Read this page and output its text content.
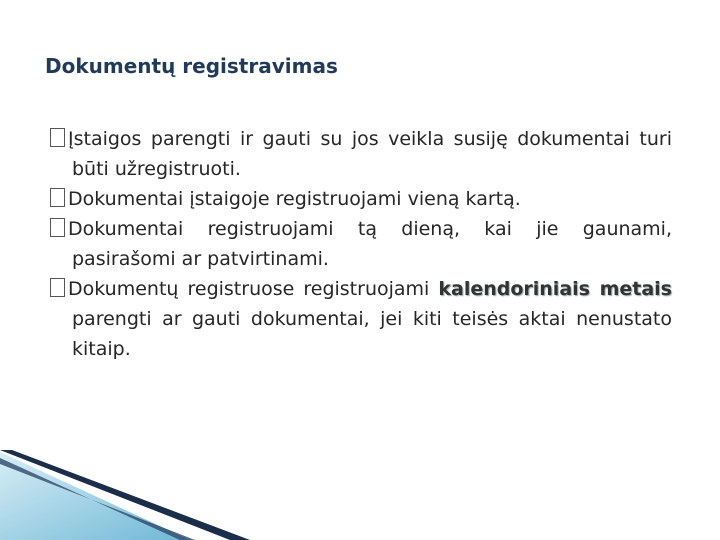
Dokumentų registravimas

Įstaigos parengti ir gauti su jos veikla susiję dokumentai turi būti užregistruoti.

Dokumentai įstaigoje registruojami vieną kartą.

Dokumentai registruojami tą dieną, kai jie gaunami, pasirašomi ar patvirtinami.

Dokumentų registruose registruojami kalendoriniais metais parengti ar gauti dokumentai, jei kiti teisės aktai nenustato kitaip.
